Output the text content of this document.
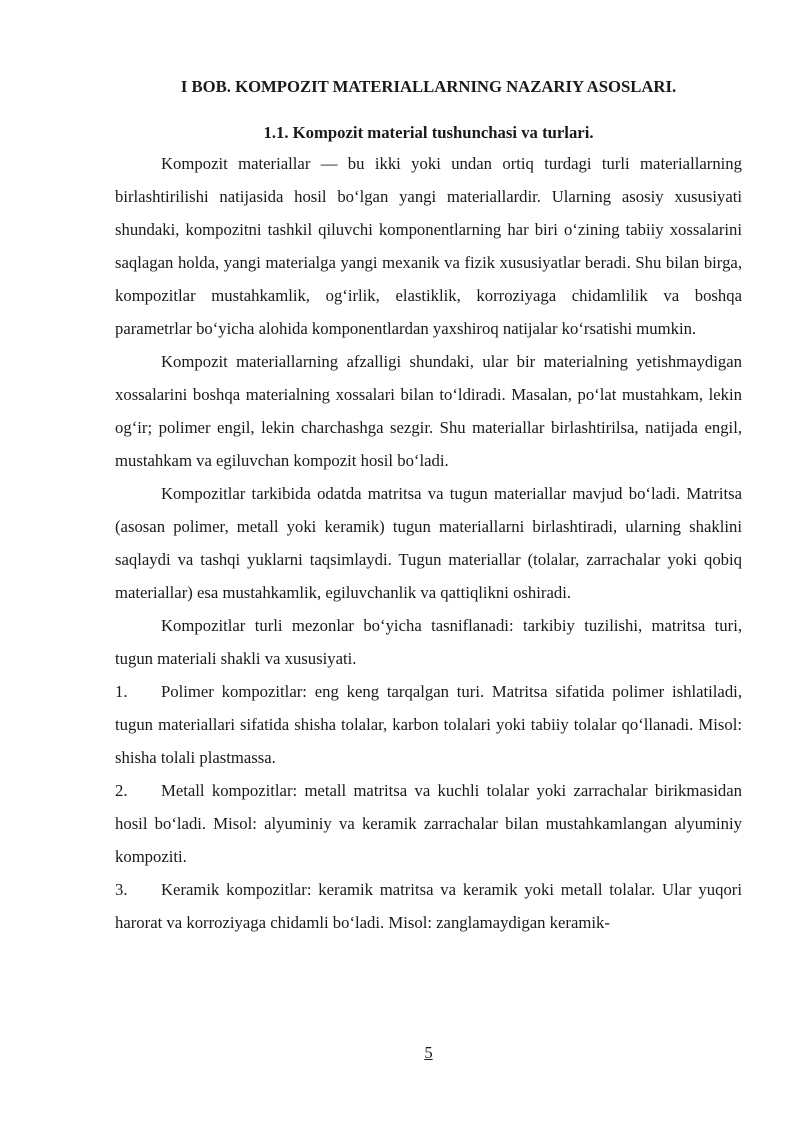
I BOB. KOMPOZIT MATERIALLARNING NAZARIY ASOSLARI.
1.1. Kompozit material tushunchasi va turlari.

Kompozit materiallar — bu ikki yoki undan ortiq turdagi turli materiallarning birlashtirilishi natijasida hosil bo‘lgan yangi materiallardir. Ularning asosiy xususiyati shundaki, kompozitni tashkil qiluvchi komponentlarning har biri o‘zining tabiiy xossalarini saqlagan holda, yangi materialga yangi mexanik va fizik xususiyatlar beradi. Shu bilan birga, kompozitlar mustahkamlik, og‘irlik, elastiklik, korroziyaga chidamlilik va boshqa parametrlar bo‘yicha alohida komponentlardan yaxshiroq natijalar ko‘rsatishi mumkin.

Kompozit materiallarning afzalligi shundaki, ular bir materialning yetishmaydigan xossalarini boshqa materialning xossalari bilan to‘ldiradi. Masalan, po‘lat mustahkam, lekin og‘ir; polimer engil, lekin charchashga sezgir. Shu materiallar birlashtirilsa, natijada engil, mustahkam va egiluvchan kompozit hosil bo‘ladi.

Kompozitlar tarkibida odatda matritsa va tugun materiallar mavjud bo‘ladi. Matritsa (asosan polimer, metall yoki keramik) tugun materiallarni birlashtiradi, ularning shaklini saqlaydi va tashqi yuklarni taqsimlaydi. Tugun materiallar (tolalar, zarrachalar yoki qobiq materiallar) esa mustahkamlik, egiluvchanlik va qattiqlikni oshiradi.

Kompozitlar turli mezonlar bo‘yicha tasniflanadi: tarkibiy tuzilishi, matritsa turi, tugun materiali shakli va xususiyati.

1. Polimer kompozitlar: eng keng tarqalgan turi. Matritsa sifatida polimer ishlatiladi, tugun materiallari sifatida shisha tolalar, karbon tolalari yoki tabiiy tolalar qo‘llanadi. Misol: shisha tolali plastmassa.

2. Metall kompozitlar: metall matritsa va kuchli tolalar yoki zarrachalar birikmasidan hosil bo‘ladi. Misol: alyuminiy va keramik zarrachalar bilan mustahkamlangan alyuminiy kompoziti.

3. Keramik kompozitlar: keramik matritsa va keramik yoki metall tolalar. Ular yuqori harorat va korroziyaga chidamli bo‘ladi. Misol: zanglamaydigan keramik-

5
